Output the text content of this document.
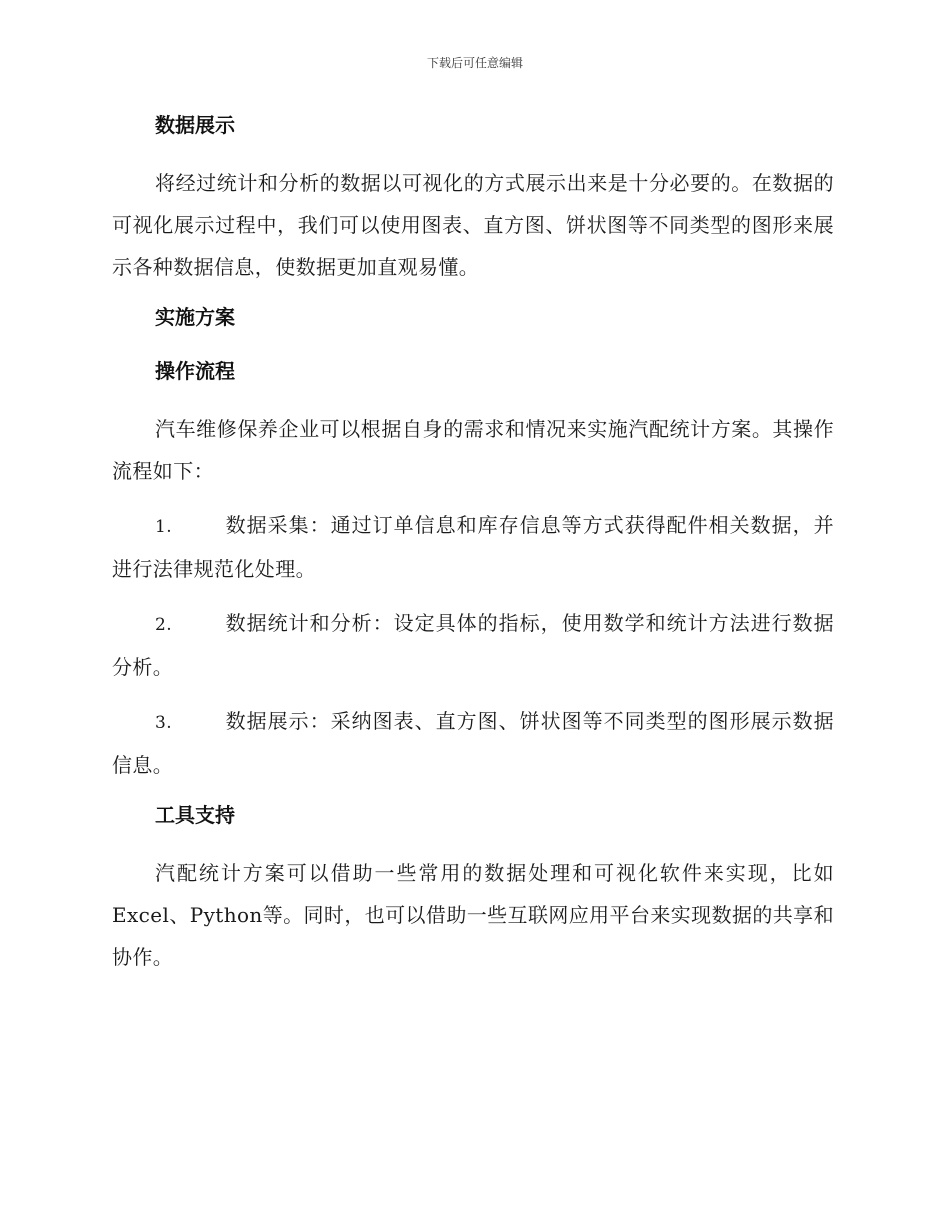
下载后可任意编辑
数据展示

将经过统计和分析的数据以可视化的方式展示出来是十分必要的。在数据的可视化展示过程中，我们可以使用图表、直方图、饼状图等不同类型的图形来展示各种数据信息，使数据更加直观易懂。

实施方案
操作流程

汽车维修保养企业可以根据自身的需求和情况来实施汽配统计方案。其操作流程如下：

1.	数据采集：通过订单信息和库存信息等方式获得配件相关数据，并进行法律规范化处理。

2.	数据统计和分析：设定具体的指标，使用数学和统计方法进行数据分析。

3.	数据展示：采纳图表、直方图、饼状图等不同类型的图形展示数据信息。

工具支持

汽配统计方案可以借助一些常用的数据处理和可视化软件来实现，比如Excel、Python等。同时，也可以借助一些互联网应用平台来实现数据的共享和协作。
